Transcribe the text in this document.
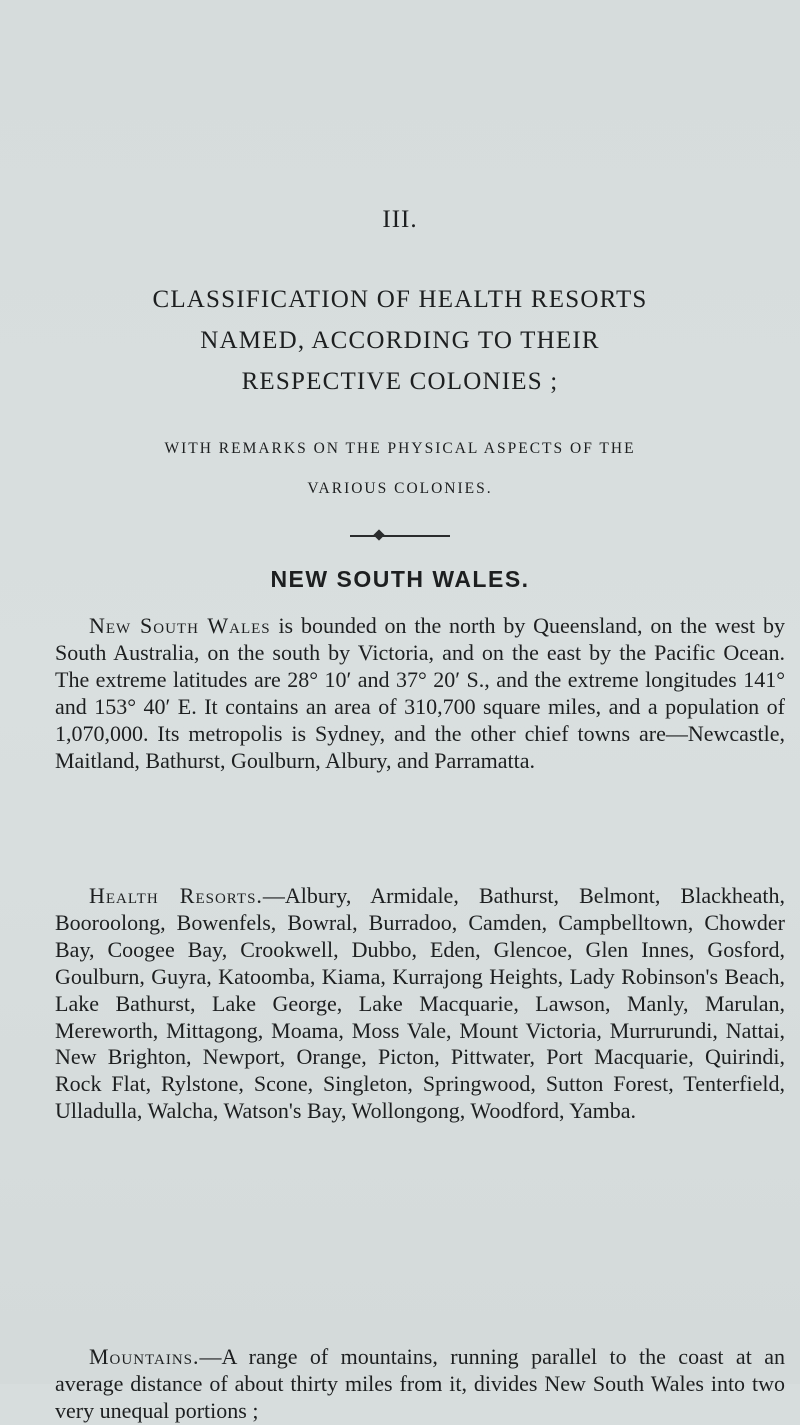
III.
CLASSIFICATION OF HEALTH RESORTS
NAMED, ACCORDING TO THEIR
RESPECTIVE COLONIES ;
WITH REMARKS ON THE PHYSICAL ASPECTS OF THE
VARIOUS COLONIES.
NEW SOUTH WALES.
New South Wales is bounded on the north by Queensland, on the west by South Australia, on the south by Victoria, and on the east by the Pacific Ocean. The extreme latitudes are 28° 10′ and 37° 20′ S., and the extreme longitudes 141° and 153° 40′ E. It contains an area of 310,700 square miles, and a population of 1,070,000. Its metropolis is Sydney, and the other chief towns are—Newcastle, Maitland, Bathurst, Goulburn, Albury, and Parramatta.
Health Resorts.—Albury, Armidale, Bathurst, Belmont, Blackheath, Booroolong, Bowenfels, Bowral, Burradoo, Camden, Campbelltown, Chowder Bay, Coogee Bay, Crookwell, Dubbo, Eden, Glencoe, Glen Innes, Gosford, Goulburn, Guyra, Katoomba, Kiama, Kurrajong Heights, Lady Robinson's Beach, Lake Bathurst, Lake George, Lake Macquarie, Lawson, Manly, Marulan, Mereworth, Mittagong, Moama, Moss Vale, Mount Victoria, Murrurundi, Nattai, New Brighton, Newport, Orange, Picton, Pittwater, Port Macquarie, Quirindi, Rock Flat, Rylstone, Scone, Singleton, Springwood, Sutton Forest, Tenterfield, Ulladulla, Walcha, Watson's Bay, Wollongong, Woodford, Yamba.
Mountains.—A range of mountains, running parallel to the coast at an average distance of about thirty miles from it, divides New South Wales into two very unequal portions ;
